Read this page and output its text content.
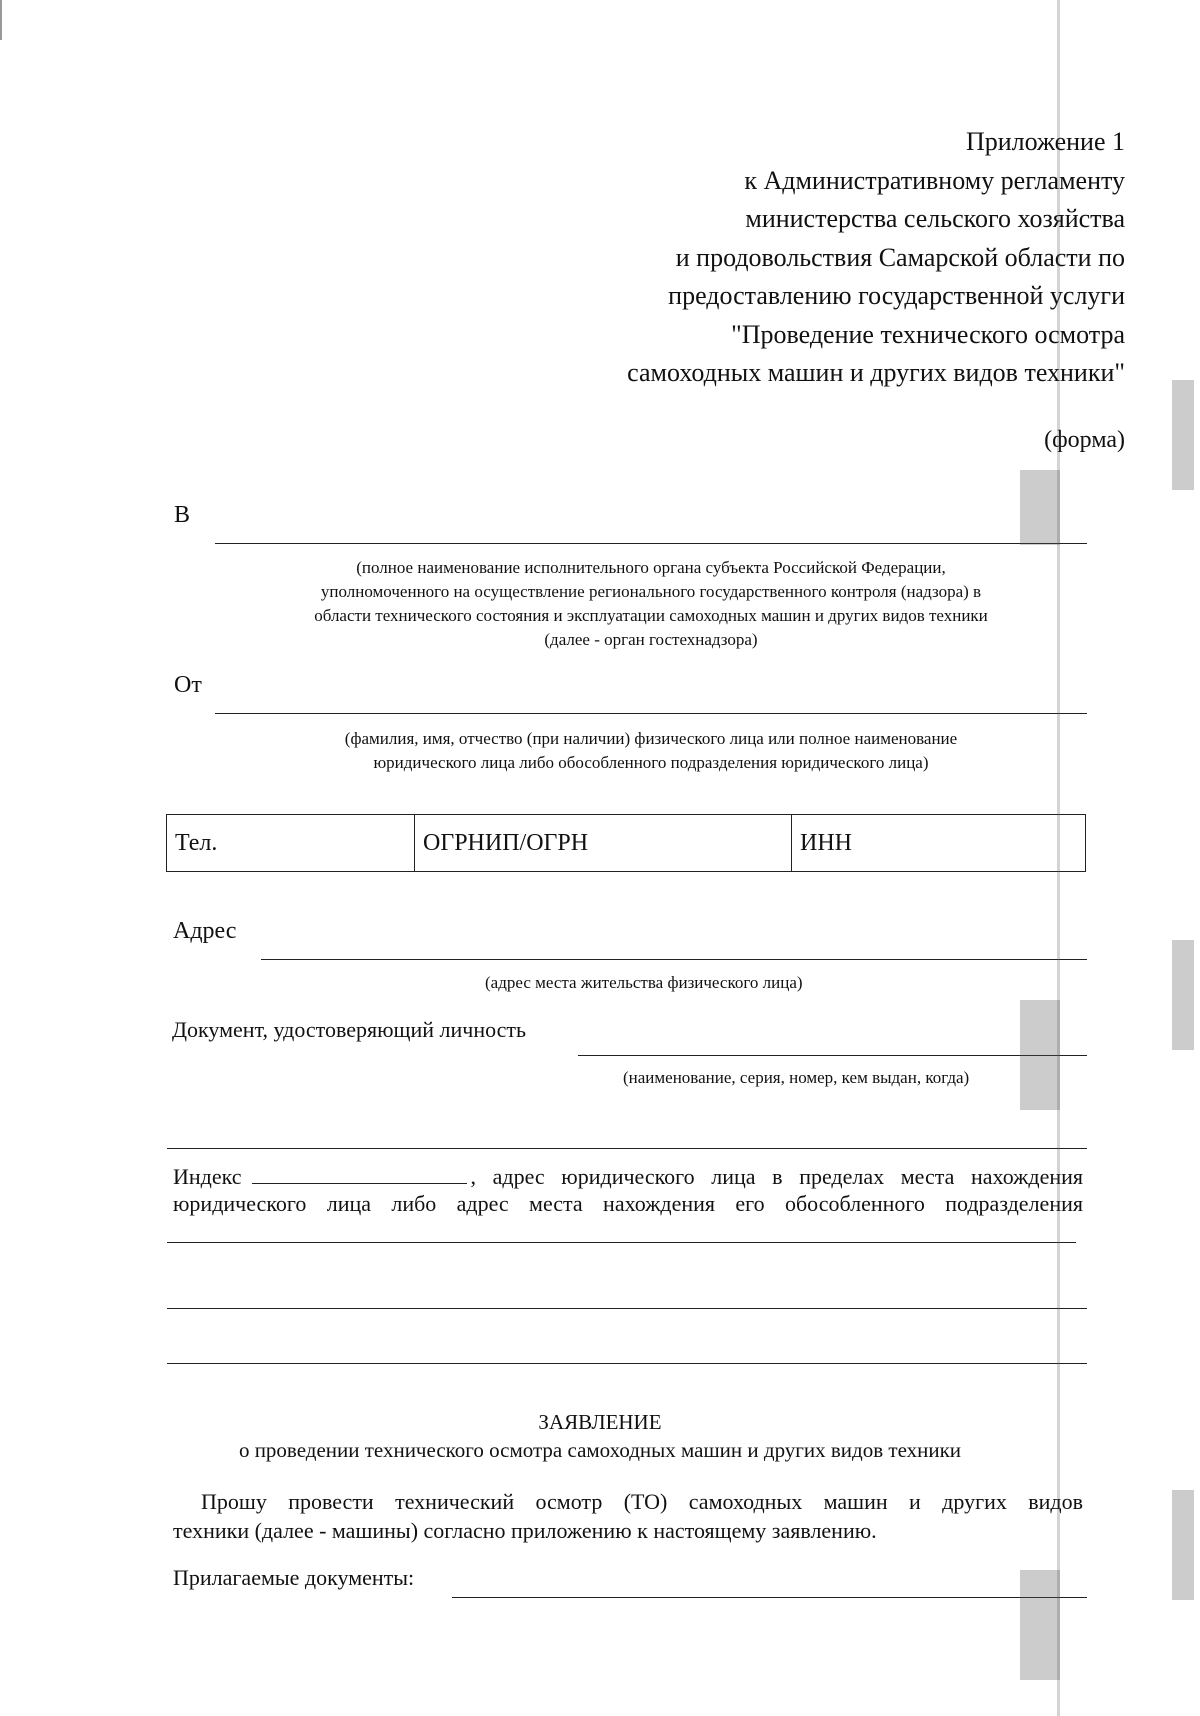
Приложение 1
к Административному регламенту
министерства сельского хозяйства
и продовольствия Самарской области по
предоставлению государственной услуги
"Проведение технического осмотра
самоходных машин и других видов техники"
(форма)
В
(полное наименование исполнительного органа субъекта Российской Федерации,
уполномоченного на осуществление регионального государственного контроля (надзора) в
области технического состояния и эксплуатации самоходных машин и других видов техники
(далее - орган гостехнадзора)
От
(фамилия, имя, отчество (при наличии) физического лица или полное наименование
юридического лица либо обособленного подразделения юридического лица)
Тел.	ОГРНИП/ОГРН	ИНН
Адрес
(адрес места жительства физического лица)
Документ, удостоверяющий личность
(наименование, серия, номер, кем выдан, когда)
Индекс	, адрес юридического лица в пределах места нахождения
юридического лица либо адрес места нахождения его обособленного подразделения
ЗАЯВЛЕНИЕ
о проведении технического осмотра самоходных машин и других видов техники
Прошу провести технический осмотр (ТО) самоходных машин и других видов
техники (далее - машины) согласно приложению к настоящему заявлению.
Прилагаемые документы:
